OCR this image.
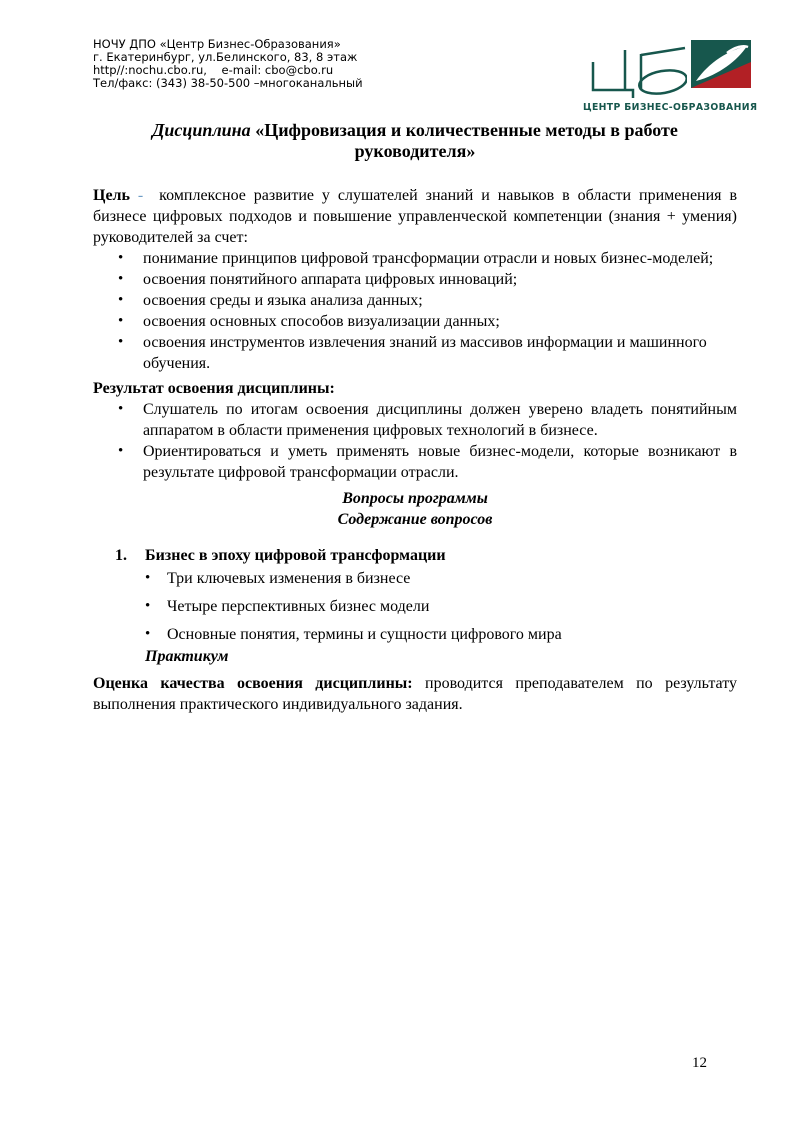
НОЧУ ДПО «Центр Бизнес-Образования»
г. Екатеринбург, ул.Белинского, 83, 8 этаж
http//:nochu.cbo.ru,    e-mail: cbo@cbo.ru
Тел/факс: (343) 38-50-500 –многоканальный
Дисциплина «Цифровизация и количественные методы в работе
руководителя»
Цель - комплексное развитие у слушателей знаний и навыков в области применения в
бизнесе цифровых подходов и повышение управленческой компетенции (знания + умения)
руководителей за счет:
• понимание принципов цифровой трансформации отрасли и новых бизнес-моделей;
• освоения понятийного аппарата цифровых инноваций;
• освоения среды и языка анализа данных;
• освоения основных способов визуализации данных;
• освоения инструментов извлечения знаний из массивов информации и машинного обучения.
Результат освоения дисциплины:
• Слушатель по итогам освоения дисциплины должен уверено владеть понятийным
аппаратом в области применения цифровых технологий в бизнесе.
• Ориентироваться и уметь применять новые бизнес-модели, которые возникают в
результате цифровой трансформации отрасли.
Вопросы программы
Содержание вопросов
1.	Бизнес в эпоху цифровой трансформации
• Три ключевых изменения в бизнесе
• Четыре перспективных бизнес модели
• Основные понятия, термины и сущности цифрового мира
Практикум
Оценка качества освоения дисциплины: проводится преподавателем по результату
выполнения практического индивидуального задания.
ЦЕНТР БИЗНЕС-ОБРАЗОВАНИЯ
12
